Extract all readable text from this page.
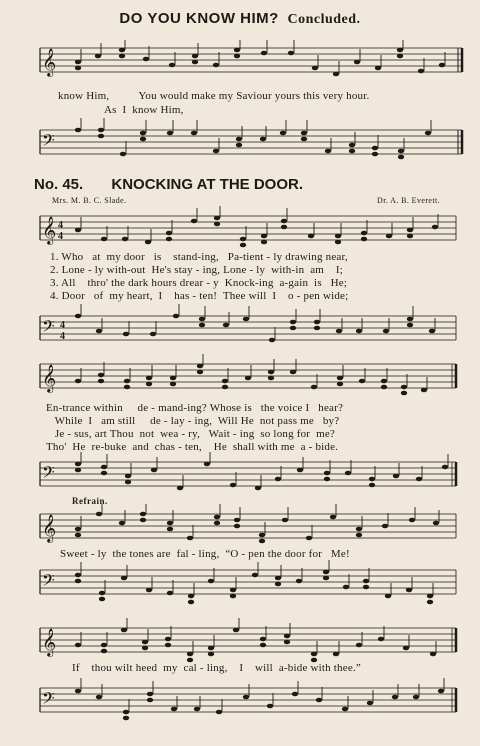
DO YOU KNOW HIM? Concluded.
𝄞
know Him,          You would make my Saviour yours this very hour.
As  I  know Him,
𝄢
No. 45. KNOCKING AT THE DOOR.
Mrs. M. B. C. Slade.	Dr. A. B. Everett.
𝄞 4
4
1. Who   at  my door   is    stand-ing,   Pa-tient - ly drawing near,
2. Lone - ly with-out  He's stay - ing, Lone - ly  with-in  am    I;
3. All    thro' the dark hours drear - y  Knock-ing  a-gain  is   He;
4. Door   of  my heart,  I    has - ten!  Thee will  I    o - pen wide;
𝄢 4
4
𝄞
En-trance within     de - mand-ing? Whose is   the voice I   hear?
While  I   am still     de - lay - ing,  Will He  not pass me   by?
Je - sus, art Thou  not  wea - ry,   Wait - ing  so long for  me?
Tho'  He  re-buke  and  chas - ten,    He  shall with me  a - bide.
𝄢
Refrain.
𝄞
Sweet - ly  the tones are  fal - ling,  “O - pen the door for   Me!
𝄢
𝄞
If    thou wilt heed  my  cal - ling,    I    will  a-bide with thee.”
𝄢
